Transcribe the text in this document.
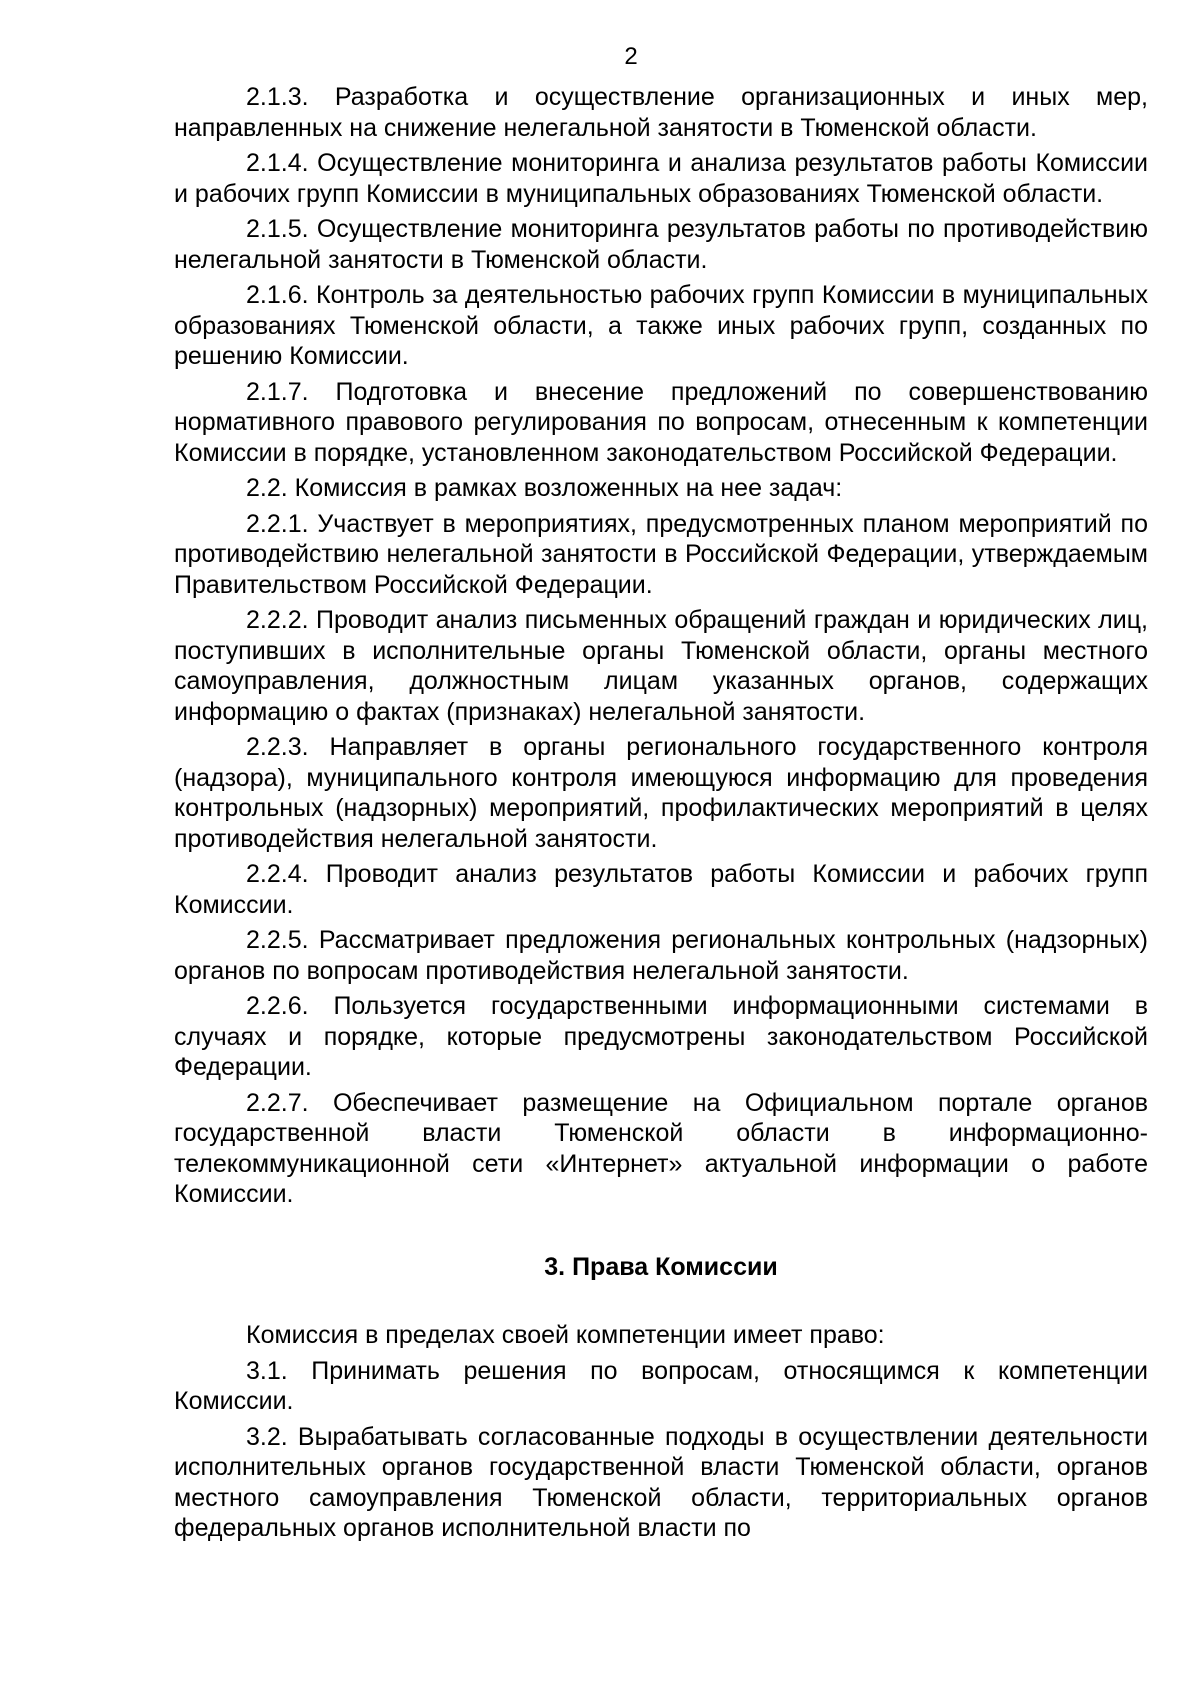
2

2.1.3. Разработка и осуществление организационных и иных мер, направленных на снижение нелегальной занятости в Тюменской области.

2.1.4. Осуществление мониторинга и анализа результатов работы Комиссии и рабочих групп Комиссии в муниципальных образованиях Тюменской области.

2.1.5. Осуществление мониторинга результатов работы по противодействию нелегальной занятости в Тюменской области.

2.1.6. Контроль за деятельностью рабочих групп Комиссии в муниципальных образованиях Тюменской области, а также иных рабочих групп, созданных по решению Комиссии.

2.1.7. Подготовка и внесение предложений по совершенствованию нормативного правового регулирования по вопросам, отнесенным к компетенции Комиссии в порядке, установленном законодательством Российской Федерации.

2.2. Комиссия в рамках возложенных на нее задач:

2.2.1. Участвует в мероприятиях, предусмотренных планом мероприятий по противодействию нелегальной занятости в Российской Федерации, утверждаемым Правительством Российской Федерации.

2.2.2. Проводит анализ письменных обращений граждан и юридических лиц, поступивших в исполнительные органы Тюменской области, органы местного самоуправления, должностным лицам указанных органов, содержащих информацию о фактах (признаках) нелегальной занятости.

2.2.3. Направляет в органы регионального государственного контроля (надзора), муниципального контроля имеющуюся информацию для проведения контрольных (надзорных) мероприятий, профилактических мероприятий в целях противодействия нелегальной занятости.

2.2.4. Проводит анализ результатов работы Комиссии и рабочих групп Комиссии.

2.2.5. Рассматривает предложения региональных контрольных (надзорных) органов по вопросам противодействия нелегальной занятости.

2.2.6. Пользуется государственными информационными системами в случаях и порядке, которые предусмотрены законодательством Российской Федерации.

2.2.7. Обеспечивает размещение на Официальном портале органов государственной власти Тюменской области в информационно-телекоммуникационной сети «Интернет» актуальной информации о работе Комиссии.

3. Права Комиссии

Комиссия в пределах своей компетенции имеет право:

3.1. Принимать решения по вопросам, относящимся к компетенции Комиссии.

3.2. Вырабатывать согласованные подходы в осуществлении деятельности исполнительных органов государственной власти Тюменской области, органов местного самоуправления Тюменской области, территориальных органов федеральных органов исполнительной власти по
